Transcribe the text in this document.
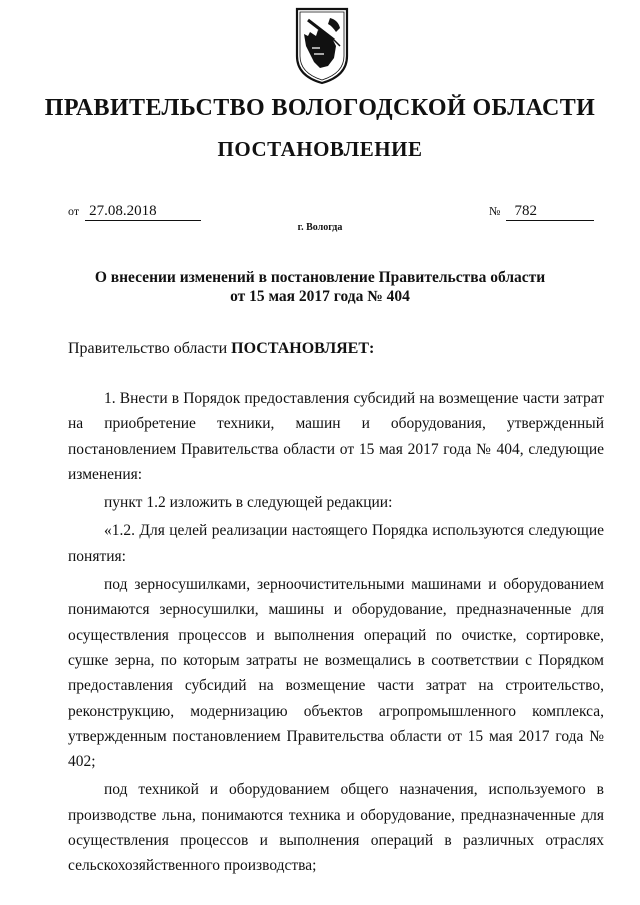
ПРАВИТЕЛЬСТВО ВОЛОГОДСКОЙ ОБЛАСТИ
ПОСТАНОВЛЕНИЕ
от 27.08.2018	№ 782
г. Вологда
О внесении изменений в постановление Правительства области
от 15 мая 2017 года № 404
Правительство области ПОСТАНОВЛЯЕТ:

1. Внести в Порядок предоставления субсидий на возмещение части затрат на приобретение техники, машин и оборудования, утвержденный постановлением Правительства области от 15 мая 2017 года № 404, следующие изменения:

пункт 1.2 изложить в следующей редакции:

«1.2. Для целей реализации настоящего Порядка используются следующие понятия:

под зерносушилками, зерноочистительными машинами и оборудованием понимаются зерносушилки, машины и оборудование, предназначенные для осуществления процессов и выполнения операций по очистке, сортировке, сушке зерна, по которым затраты не возмещались в соответствии с Порядком предоставления субсидий на возмещение части затрат на строительство, реконструкцию, модернизацию объектов агропромышленного комплекса, утвержденным постановлением Правительства области от 15 мая 2017 года № 402;

под техникой и оборудованием общего назначения, используемого в производстве льна, понимаются техника и оборудование, предназначенные для осуществления процессов и выполнения операций в различных отраслях сельскохозяйственного производства;
